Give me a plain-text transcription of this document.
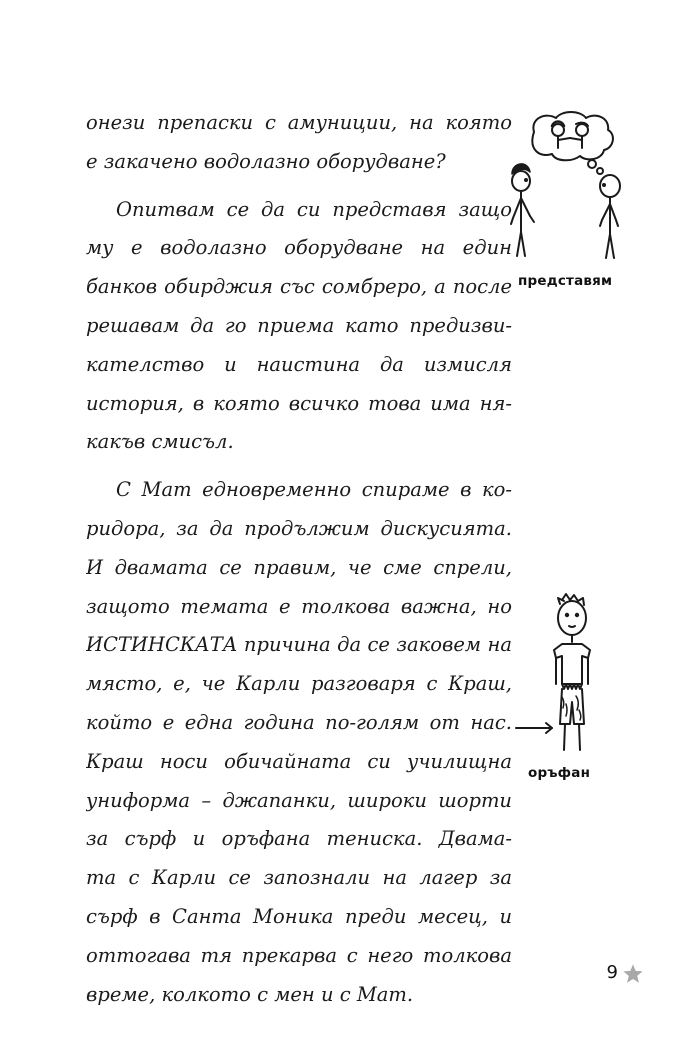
онези препаски с амуниции, на която
е закачено водолазно оборудване?
Опитвам се да си представя защо
му е водолазно оборудване на един
банков обирджия със сомбреро, а после
решавам да го приема като предизви-
кателство и наистина да измисля
история, в която всичко това има ня-
какъв смисъл.
С Мат едновременно спираме в ко-
ридора, за да продължим дискусията.
И двамата се правим, че сме спрели,
защото темата е толкова важна, но
ИСТИНСКАТА причина да се заковем на
място, е, че Карли разговаря с Краш,
който е една година по-голям от нас.
Краш носи обичайната си училищна
униформа – джапанки, широки шорти
за сърф и оръфана тениска. Двама-
та с Карли се запознали на лагер за
сърф в Санта Моника преди месец, и
оттогава тя прекарва с него толкова
време, колкото с мен и с Мат.
представям
оръфан
9
